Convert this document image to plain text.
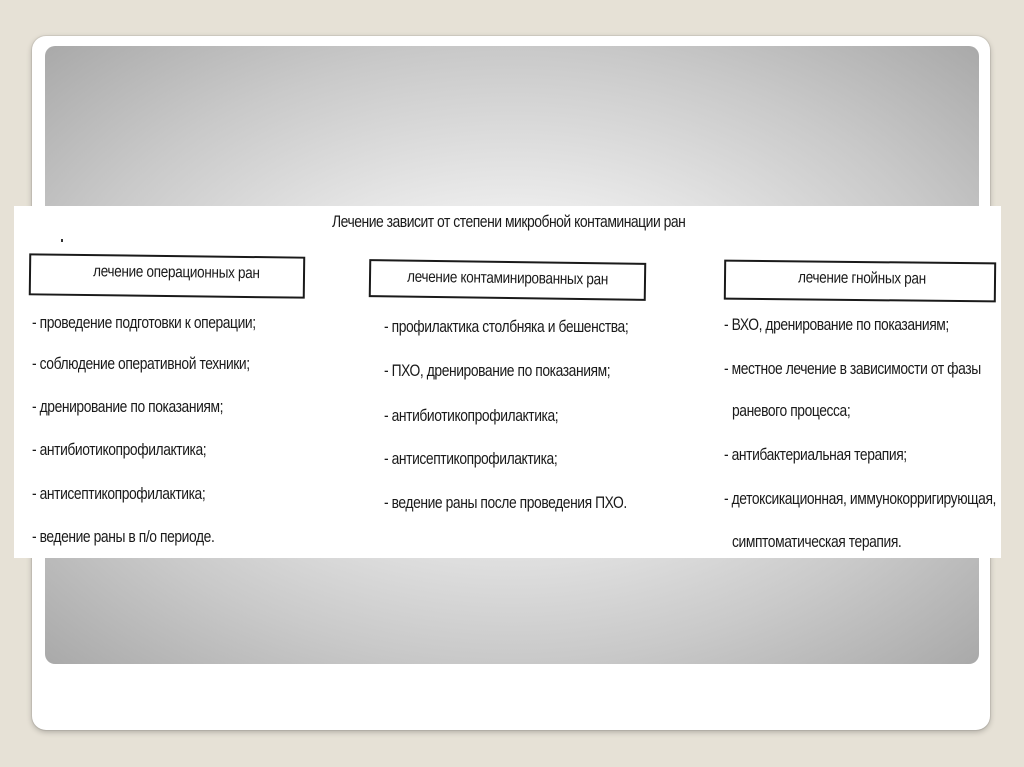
Лечение зависит от степени микробной контаминации ран
лечение операционных ран	лечение контаминированных ран	лечение гнойных ран
- проведение подготовки к операции;
- соблюдение оперативной техники;
- дренирование по показаниям;
- антибиотикопрофилактика;
- антисептикопрофилактика;
- ведение раны в п/о периоде.
- профилактика столбняка и бешенства;
- ПХО, дренирование по показаниям;
- антибиотикопрофилактика;
- антисептикопрофилактика;
- ведение раны после проведения ПХО.
- ВХО, дренирование по показаниям;
- местное лечение в зависимости от фазы
раневого процесса;
- антибактериальная терапия;
- детоксикационная, иммунокорригирующая,
симптоматическая терапия.
